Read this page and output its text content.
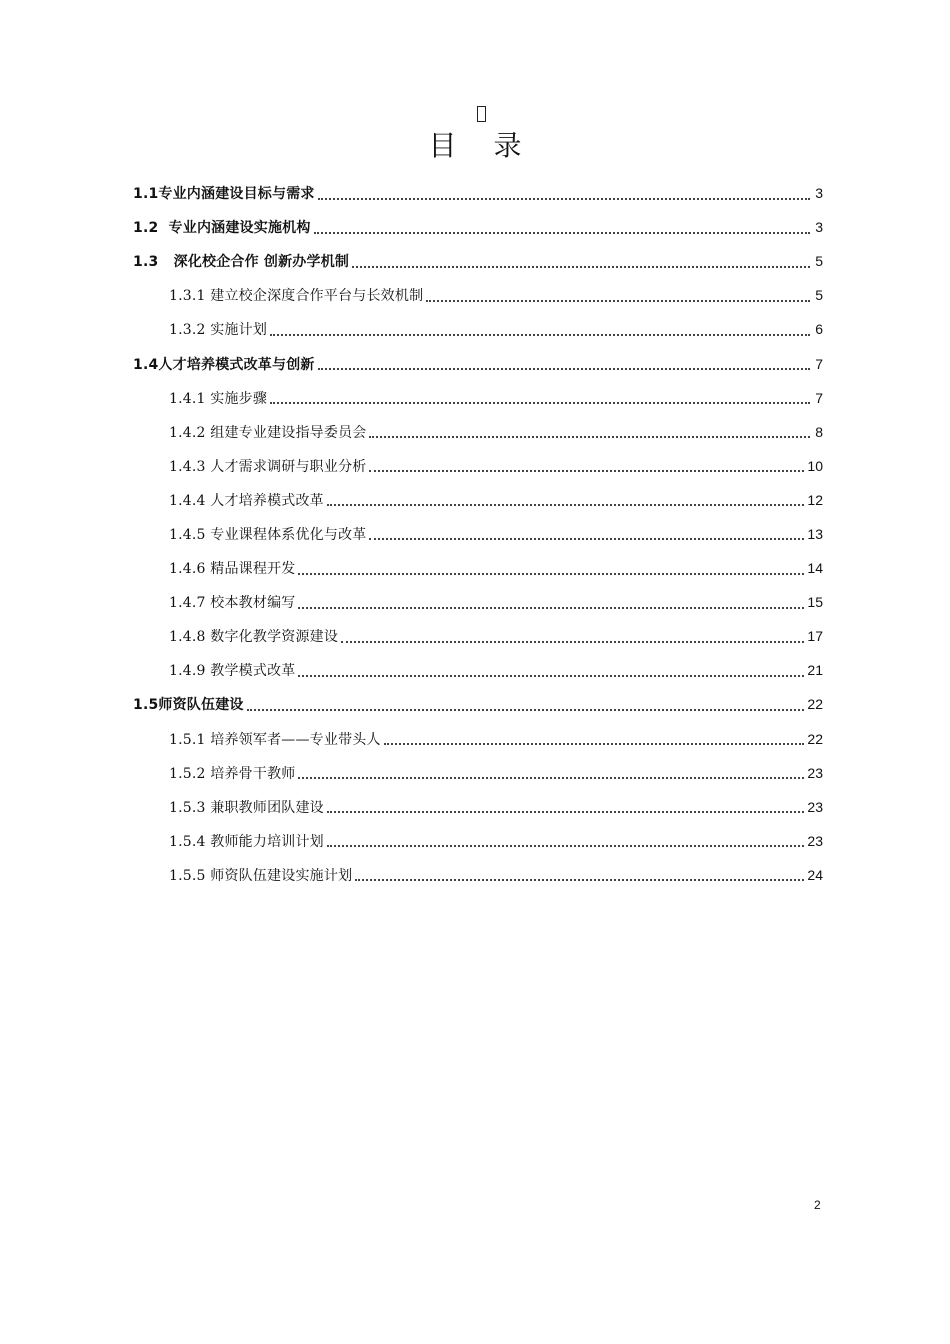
目 录
1.1专业内涵建设目标与需求	3
1.2  专业内涵建设实施机构	3
1.3   深化校企合作 创新办学机制	5
1.3.1 建立校企深度合作平台与长效机制	5
1.3.2 实施计划	6
1.4人才培养模式改革与创新	7
1.4.1 实施步骤	7
1.4.2 组建专业建设指导委员会	8
1.4.3 人才需求调研与职业分析	10
1.4.4 人才培养模式改革	12
1.4.5 专业课程体系优化与改革	13
1.4.6 精品课程开发	14
1.4.7 校本教材编写	15
1.4.8 数字化教学资源建设	17
1.4.9 教学模式改革	21
1.5师资队伍建设	22
1.5.1 培养领军者——专业带头人	22
1.5.2 培养骨干教师	23
1.5.3 兼职教师团队建设	23
1.5.4 教师能力培训计划	23
1.5.5 师资队伍建设实施计划	24
2
